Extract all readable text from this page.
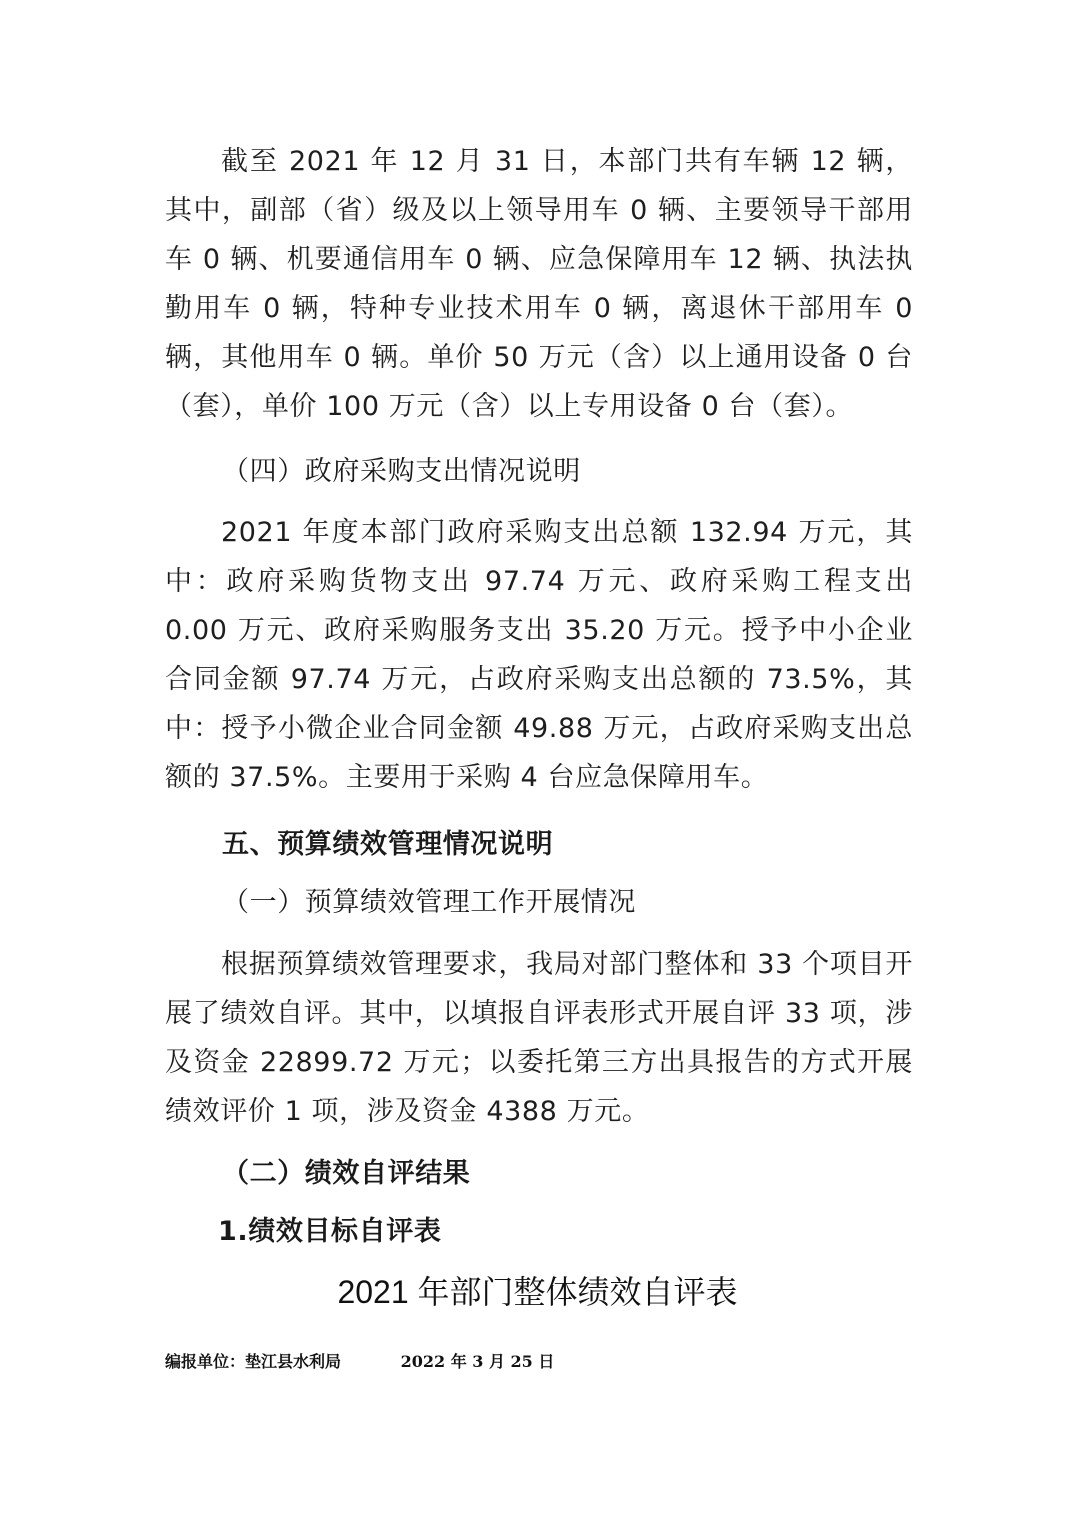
截至 2021 年 12 月 31 日，本部门共有车辆 12 辆，其中，副部（省）级及以上领导用车 0 辆、主要领导干部用车 0 辆、机要通信用车 0 辆、应急保障用车 12 辆、执法执勤用车 0 辆，特种专业技术用车 0 辆，离退休干部用车 0 辆，其他用车 0 辆。单价 50 万元（含）以上通用设备 0 台（套），单价 100 万元（含）以上专用设备 0 台（套）。

（四）政府采购支出情况说明

2021 年度本部门政府采购支出总额 132.94 万元，其中：政府采购货物支出 97.74 万元、政府采购工程支出 0.00 万元、政府采购服务支出 35.20 万元。授予中小企业合同金额 97.74 万元，占政府采购支出总额的 73.5%，其中：授予小微企业合同金额 49.88 万元，占政府采购支出总额的 37.5%。主要用于采购 4 台应急保障用车。

五、预算绩效管理情况说明

（一）预算绩效管理工作开展情况

根据预算绩效管理要求，我局对部门整体和 33 个项目开展了绩效自评。其中，以填报自评表形式开展自评 33 项，涉及资金 22899.72 万元；以委托第三方出具报告的方式开展绩效评价 1 项，涉及资金 4388 万元。

（二）绩效自评结果

1.绩效目标自评表

2021 年部门整体绩效自评表

编报单位：垫江县水利局	2022 年 3 月 25 日
